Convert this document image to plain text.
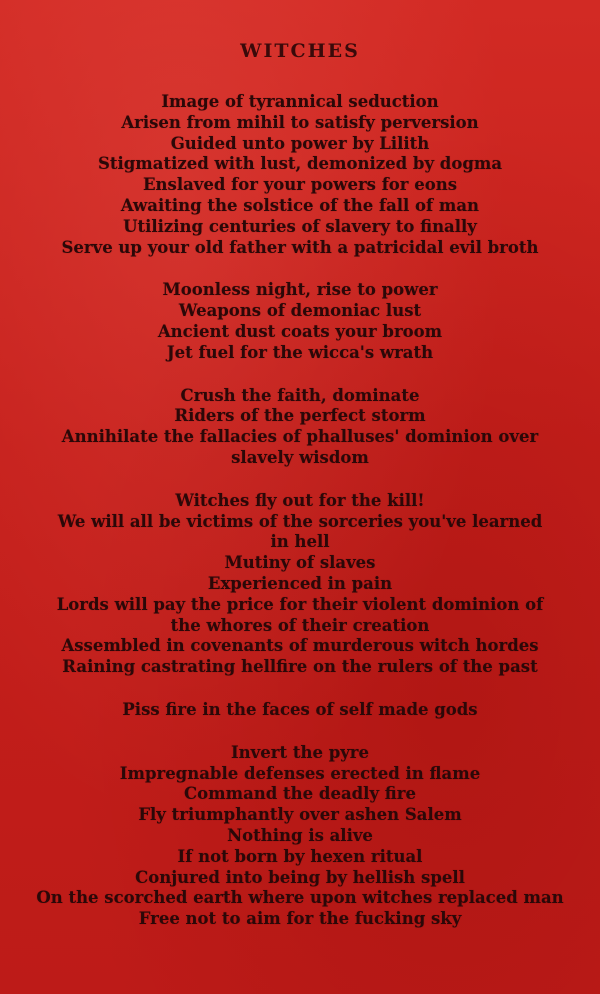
WITCHES
Image of tyrannical seduction
Arisen from mihil to satisfy perversion
Guided unto power by Lilith
Stigmatized with lust, demonized by dogma
Enslaved for your powers for eons
Awaiting the solstice of the fall of man
Utilizing centuries of slavery to finally
Serve up your old father with a patricidal evil broth
Moonless night, rise to power
Weapons of demoniac lust
Ancient dust coats your broom
Jet fuel for the wicca's wrath
Crush the faith, dominate
Riders of the perfect storm
Annihilate the fallacies of phalluses' dominion over
slavely wisdom
Witches fly out for the kill!
We will all be victims of the sorceries you've learned
in hell
Mutiny of slaves
Experienced in pain
Lords will pay the price for their violent dominion of
the whores of their creation
Assembled in covenants of murderous witch hordes
Raining castrating hellfire on the rulers of the past
Piss fire in the faces of self made gods
Invert the pyre
Impregnable defenses erected in flame
Command the deadly fire
Fly triumphantly over ashen Salem
Nothing is alive
If not born by hexen ritual
Conjured into being by hellish spell
On the scorched earth where upon witches replaced man
Free not to aim for the fucking sky
